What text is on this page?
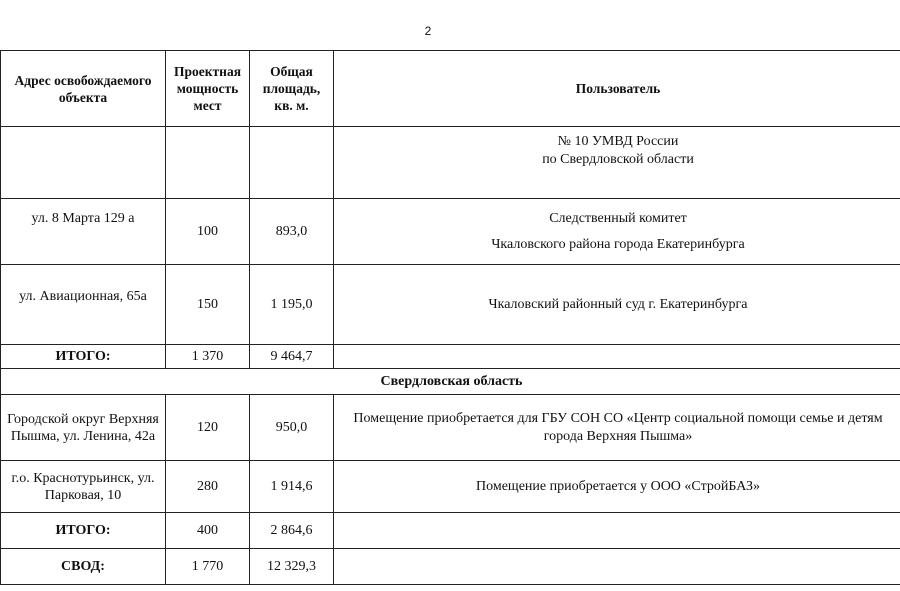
2
Адрес освобождаемого объекта	Проектная мощность мест	Общая площадь, кв. м.	Пользователь
			№ 10 УМВД России
по Свердловской области
ул. 8 Марта 129 а	100	893,0	Следственный комитет
Чкаловского района города Екатеринбурга
ул. Авиационная, 65а	150	1 195,0	Чкаловский районный суд г. Екатеринбурга
ИТОГО:	1 370	9 464,7	
Свердловская область			
Городской округ Верхняя Пышма, ул. Ленина, 42а	120	950,0	Помещение приобретается для ГБУ СОН СО «Центр социальной помощи семье и детям города Верхняя Пышма»
г.о. Краснотурьинск, ул. Парковая, 10	280	1 914,6	Помещение приобретается у ООО «СтройБАЗ»
ИТОГО:	400	2 864,6	
СВОД:	1 770	12 329,3	
